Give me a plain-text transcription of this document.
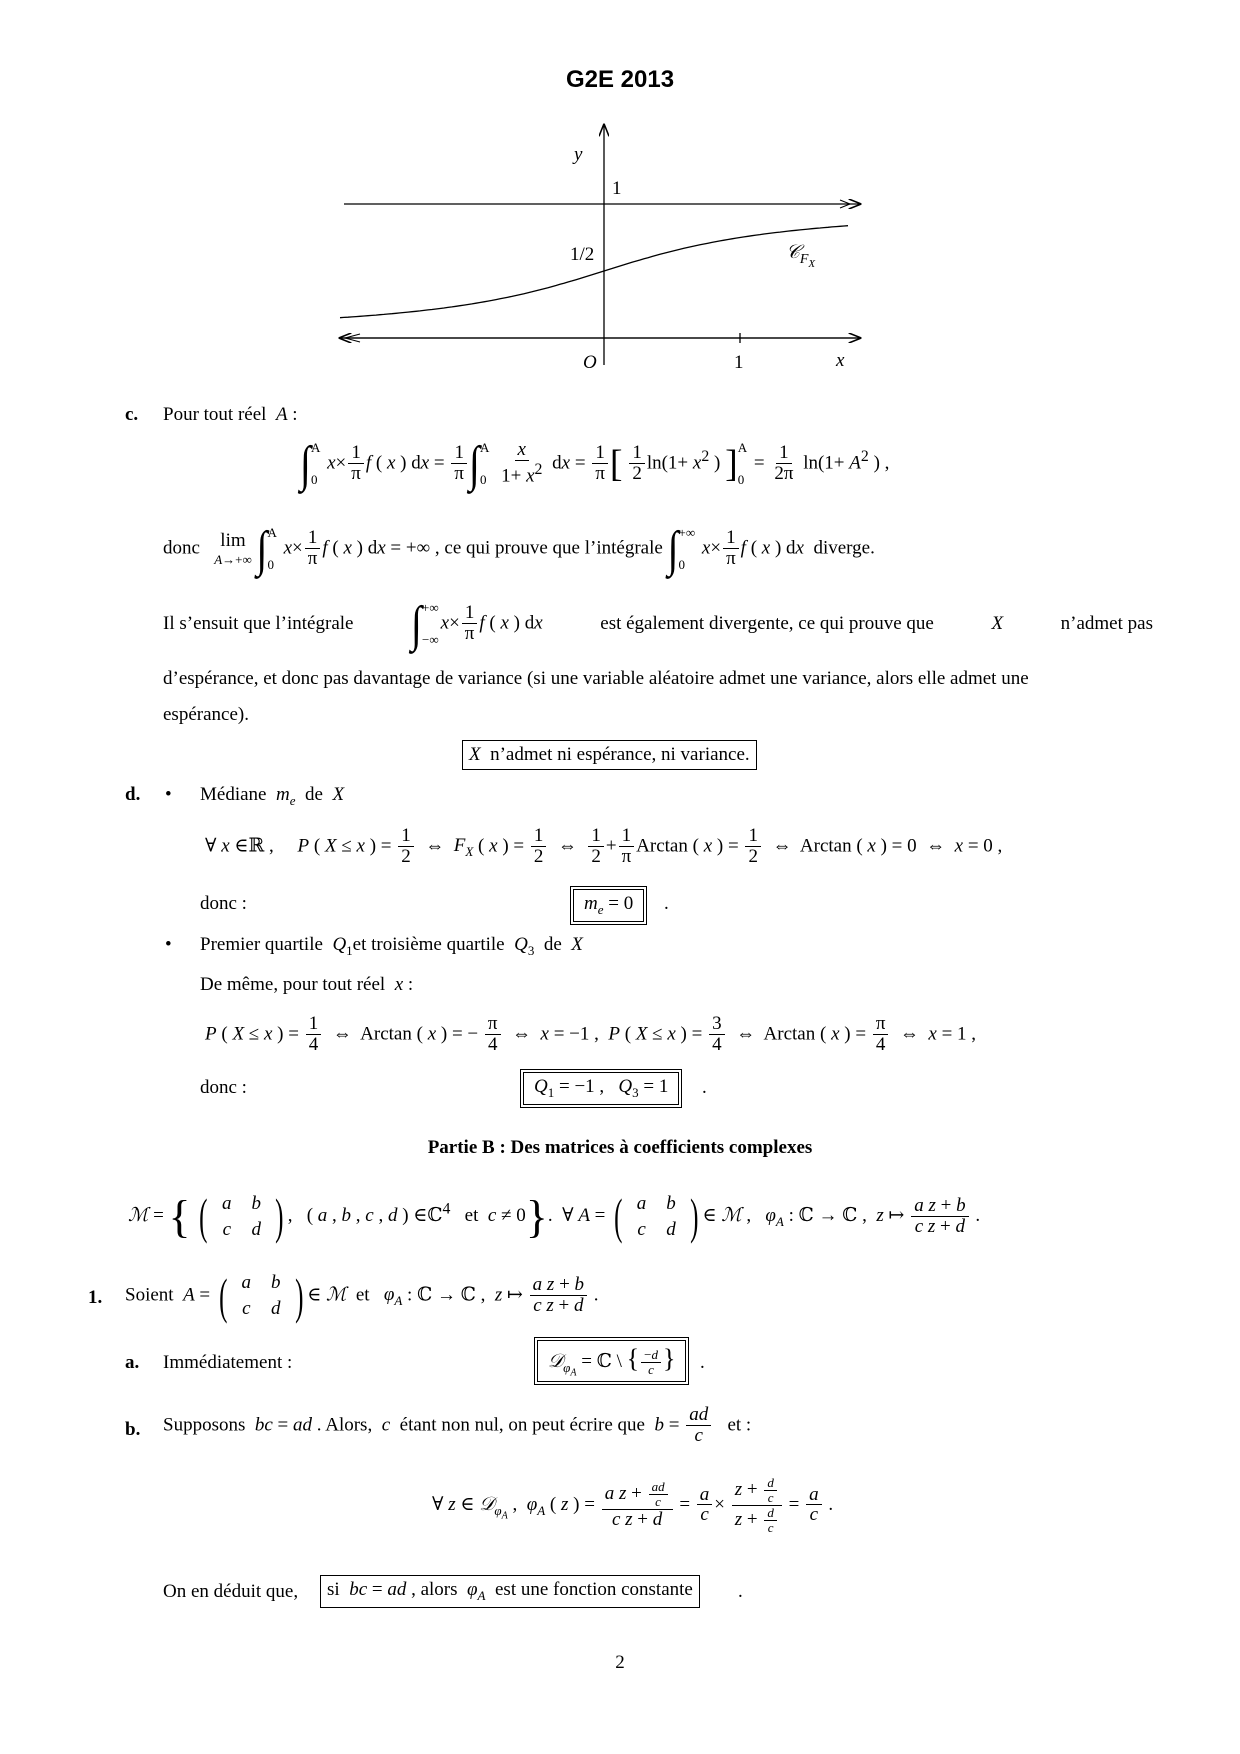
G2E 2013
y
1
1/2	𝒞$_{FX}$
O	1	x
c. Pour tout réel A :
∫ A
0
$x\times \frac{1}{\pi}$ f ( x ) dx = $\frac{1}{\pi}$ ∫ A
0
$\frac{x}{1+ x^2}$ dx = $\frac{1}{\pi}$ [ $\frac{1}{2} \ln(1+ x^2$ ) ] A
0
= $\frac{1}{2\pi} \ln(1+ A^2$ ) ,
donc lim
A→+∞ ∫ A
0
$x\times \frac{1}{\pi}$ f ( x ) dx = +∞ , ce qui prouve que l’intégrale ∫ +∞
0
$x\times \frac{1}{\pi}$ f ( x ) dx diverge.
Il s’ensuit que l’intégrale ∫ +∞
−∞
$x\times \frac{1}{\pi}$ f ( x ) dx	est également divergente, ce qui prouve que	X	n’admet pas
d’espérance, et donc pas davantage de variance (si une variable aléatoire admet une variance, alors elle admet une
espérance).
X n’admet ni espérance, ni variance.
d. • Médiane $m_e$ de X
∀ x ∈ℝ ,     P ( X ≤ x ) = $\frac{1}{2}$ ⇔  $F_X$ ( x ) = $\frac{1}{2}$ ⇔ $\frac{1}{2} + \frac{1}{\pi}$ Arctan ( x ) = $\frac{1}{2}$ ⇔  Arctan ( x ) = 0  ⇔  x = 0 ,
donc :	$m_e = 0$	.
• Premier quartile $Q_1et$ troisième quartile $Q_3$ de X
De même, pour tout réel x :
P ( X ≤ x ) = $\frac{1}{4}$ ⇔  Arctan ( x ) = − $\frac{\pi}{4}$ ⇔  x = −1 ,  P ( X ≤ x ) = $\frac{3}{4}$ ⇔  Arctan ( x ) = $\frac{\pi}{4}$ ⇔  x = 1 ,
donc :	$Q_1 = -1$ ,   $Q_3 = 1$	.
Partie B : Des matrices à coefficients complexes
ℳ = { ( a	b
c	d ) ,   ( a , b , c , d ) ∈ℂ$^4$ et c ≠ 0}.  ∀ A = ( a	b
c	d ) ∈ ℳ ,   $\varphi_A$ : ℂ → ℂ ,  z ↦ $\frac{\text{a z + b}}{\text{c z + d}}$ .
1. Soient A = ( a	b
c	d ) ∈ ℳ et $\varphi_A$ : ℂ → ℂ ,  z ↦ $\frac{\text{a z + b}}{\text{c z + d}}$ .
a. Immédiatement :	𝒟$_{\varphi_A}$ = ℂ \ { $\frac{-d}{c}$ }	.
b. Supposons bc = ad . Alors, c étant non nul, on peut écrire que $b = \frac{ad}{c}$ et :
∀ z ∈ 𝒟$_{\varphi_A}$ ,  $\varphi_A$ ( z ) = $\frac{a z + \frac{ad}{c}}{\text{c z + d}} = \frac{a}{c} \times \frac{z + \frac{d}{c}}{z + \frac{d}{c}} = \frac{a}{c}$ .
On en déduit que,	si bc = ad , alors $\varphi_A$ est une fonction constante	.
2
